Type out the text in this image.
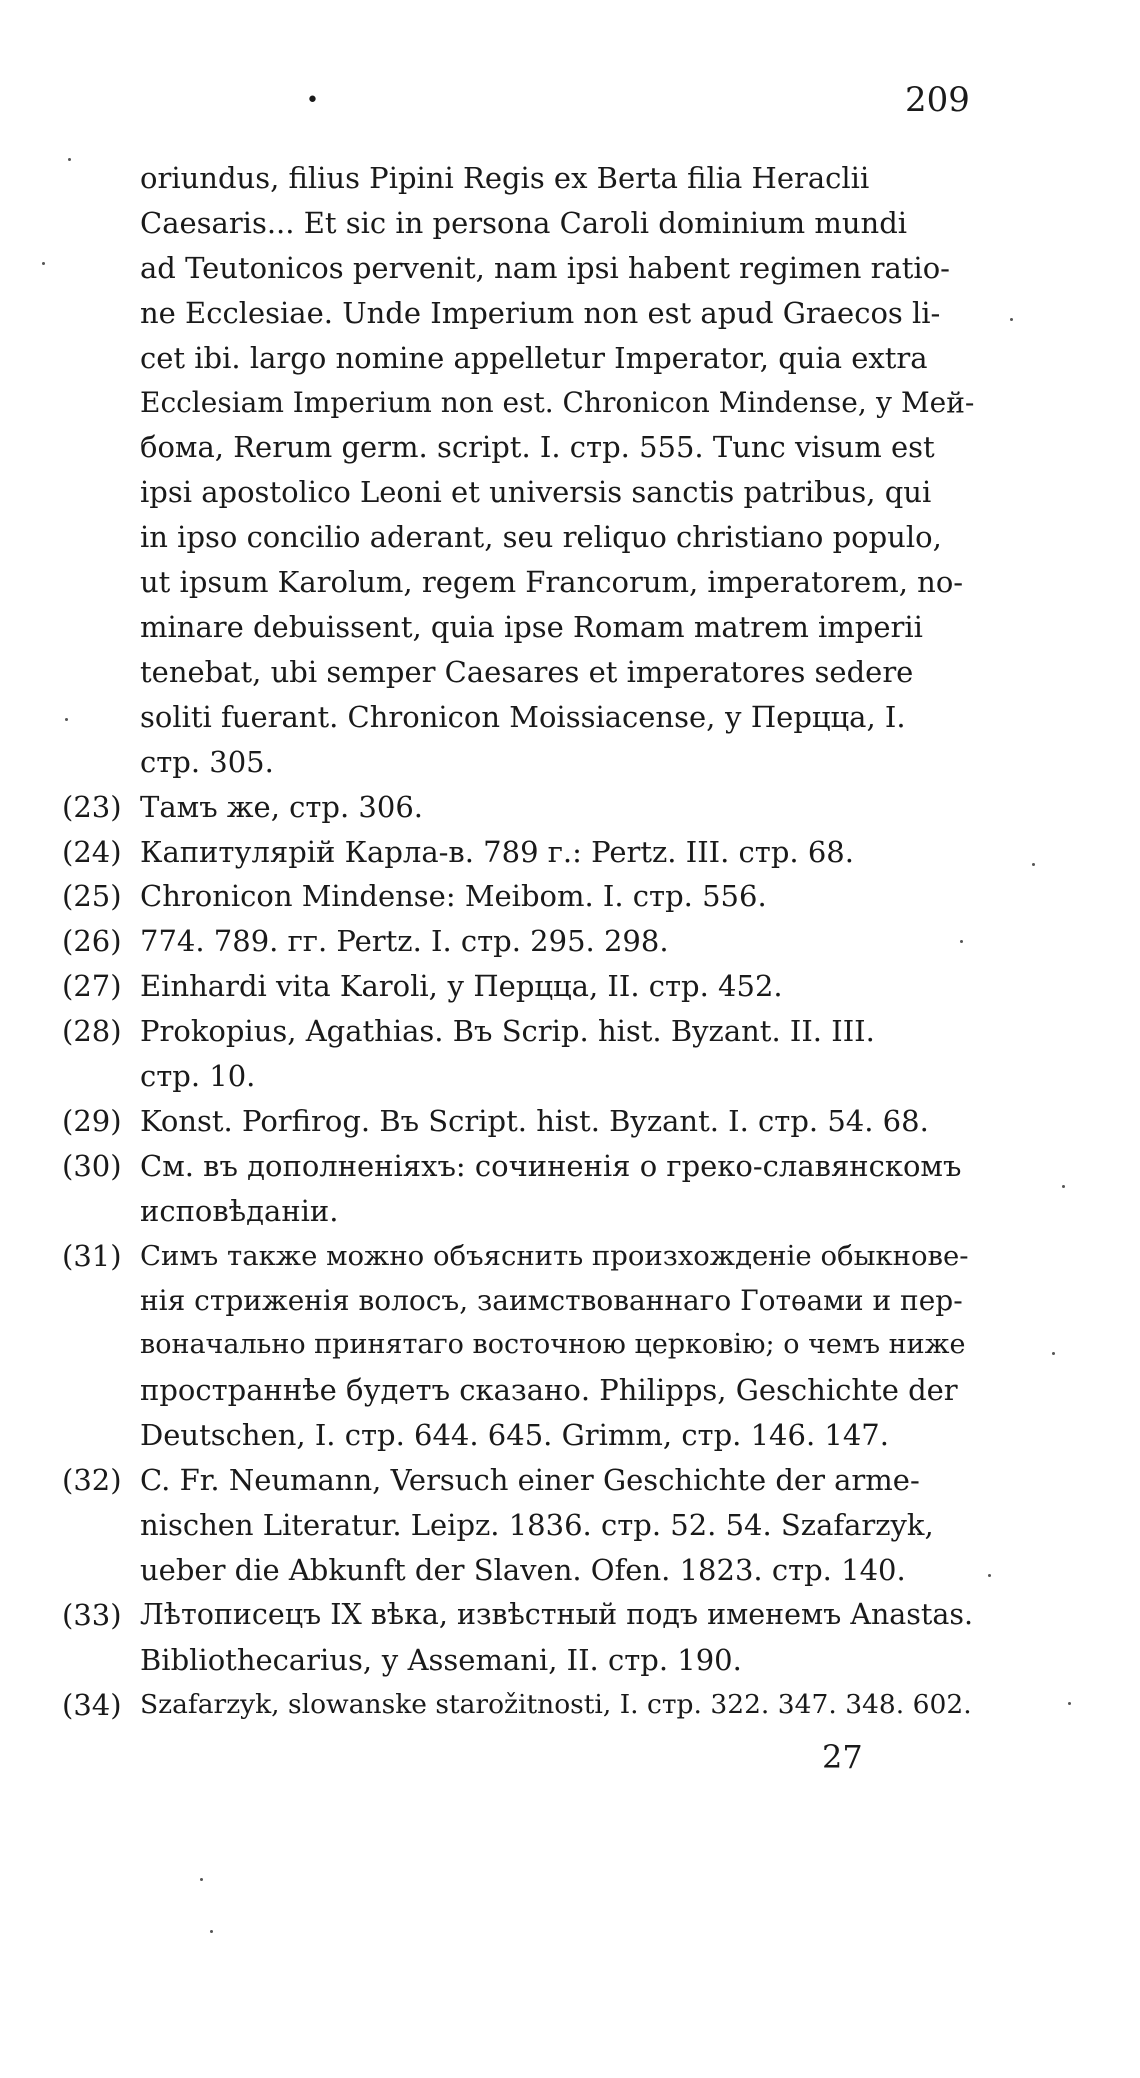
•	209
oriundus, filius Pipini Regis ex Berta filia Heraclii
Caesaris... Et sic in persona Caroli dominium mundi
ad Teutonicos pervenit, nam ipsi habent regimen ratio-
ne Ecclesiae. Unde Imperium non est apud Graecos li-
cet ibi. largo nomine appelletur Imperator, quia extra
Ecclesiam Imperium non est. Chronicon Mindense, у Мей-
бома, Rerum germ. script. I. стр. 555. Tunc visum est
ipsi apostolico Leoni et universis sanctis patribus, qui
in ipso concilio aderant, seu reliquo christiano populo,
ut ipsum Karolum, regem Francorum, imperatorem, no-
minare debuissent, quia ipse Romam matrem imperii
tenebat, ubi semper Caesares et imperatores sedere
soliti fuerant. Chronicon Moissiacense, у Перцца, I.
стр. 305.
(23) Тамъ же, стр. 306.
(24) Капитулярій Карла-в. 789 г.: Pertz. III. стр. 68.
(25) Chronicon Mindense: Meibom. I. стр. 556.
(26) 774. 789. гг. Pertz. I. стр. 295. 298.
(27) Einhardi vita Karoli, у Перцца, II. стр. 452.
(28) Prokopius, Agathias. Въ Scrip. hist. Byzant. II. III.
стр. 10.
(29) Konst. Porfirog. Въ Script. hist. Byzant. I. стр. 54. 68.
(30) См. въ дополненіяхъ: сочиненія о греко-славянскомъ
исповѣданіи.
(31) Симъ также можно объяснить произхожденіе обыкнове-
нія стриженія волосъ, заимствованнаго Готѳами и пер-
воначально принятаго восточною церковію; о чемъ ниже
пространнѣе будетъ сказано. Philipps, Geschichte der
Deutschen, I. стр. 644. 645. Grimm, стр. 146. 147.
(32) C. Fr. Neumann, Versuch einer Geschichte der arme-
nischen Literatur. Leipz. 1836. стр. 52. 54. Szafarzyk,
ueber die Abkunft der Slaven. Ofen. 1823. стр. 140.
(33) Лѣтописецъ IX вѣка, извѣстный подъ именемъ Anastas.
Bibliothecarius, у Assemani, II. стр. 190.
(34) Szafarzyk, slowanske starožitnosti, I. стр. 322. 347. 348. 602.
27
